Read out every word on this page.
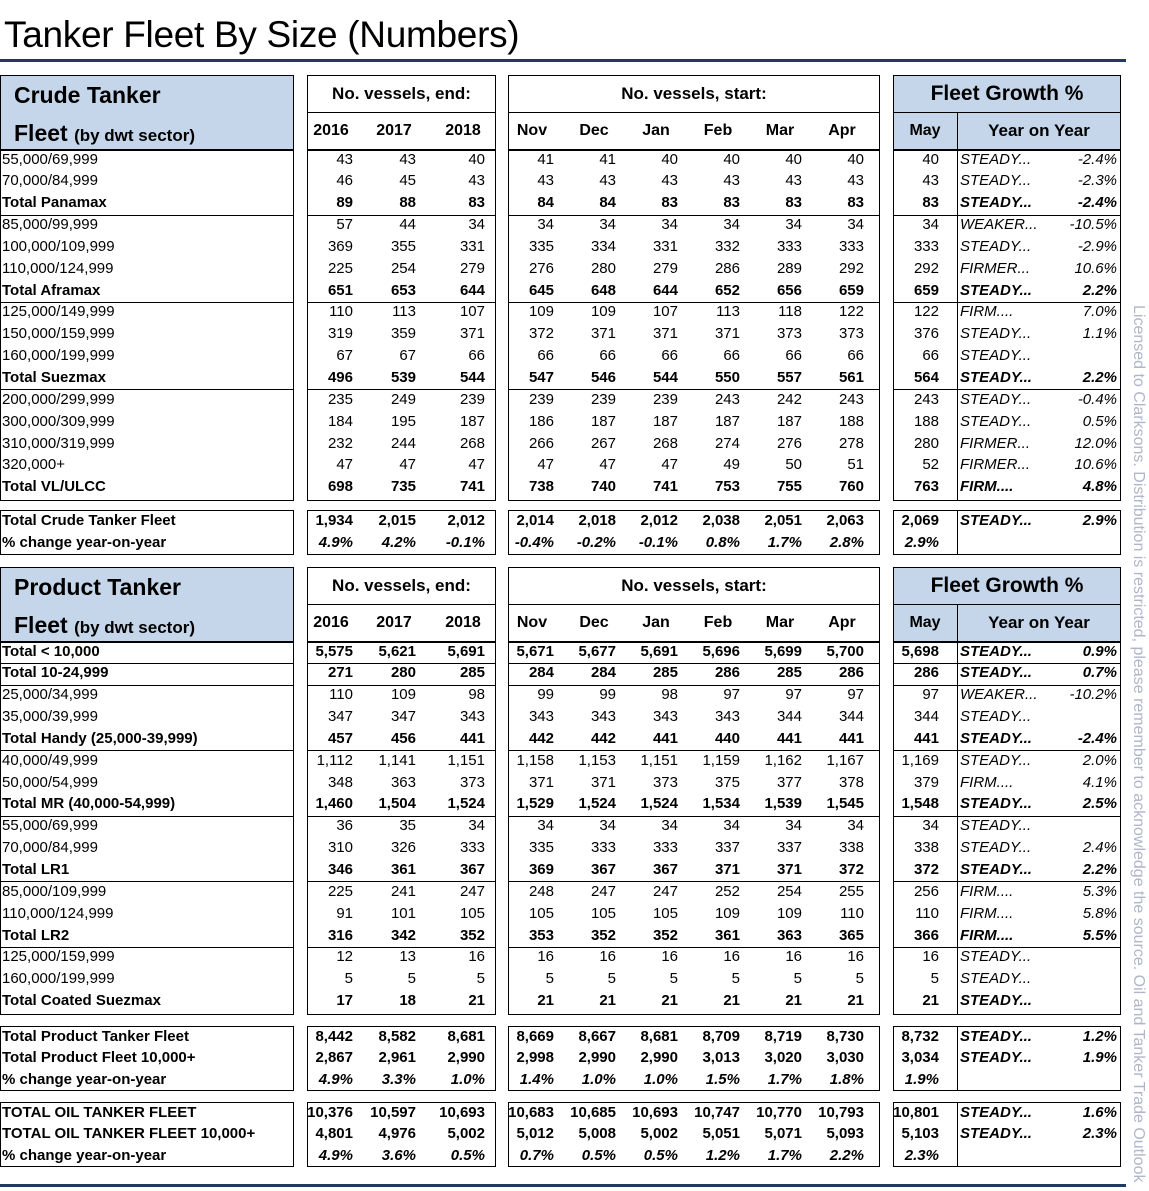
Tanker Fleet By Size (Numbers)
Licensed to Clarksons. Distribution is restricted, please remember to acknowledge the source. Oil and Tanker Trade Outlook
Crude Tanker
Fleet (by dwt sector)
No. vessels, end:	No. vessels, start:	Fleet Growth %
2016 2017 2018	Nov	Dec	Jan	Feb	Mar	Apr	May	Year on Year
55,000/69,999	43	43	40	41	41	40	40	40	40	40 STEADY...	-2.4%
70,000/84,999	46	45	43	43	43	43	43	43	43	43 STEADY...	-2.3%
Total Panamax	89	88	83	84	84	83	83	83	83	83 STEADY...	-2.4%
85,000/99,999	57	44	34	34	34	34	34	34	34	34 WEAKER...	-10.5%
100,000/109,999	369	355	331	335	334	331	332	333	333	333 STEADY...	-2.9%
110,000/124,999	225	254	279	276	280	279	286	289	292	292 FIRMER...	10.6%
Total Aframax	651	653	644	645	648	644	652	656	659	659 STEADY...	2.2%
125,000/149,999	110	113	107	109	109	107	113	118	122	122 FIRM....	7.0%
150,000/159,999	319	359	371	372	371	371	371	373	373	376 STEADY...	1.1%
160,000/199,999	67	67	66	66	66	66	66	66	66	66 STEADY...
Total Suezmax	496	539	544	547	546	544	550	557	561	564 STEADY...	2.2%
200,000/299,999	235	249	239	239	239	239	243	242	243	243 STEADY...	-0.4%
300,000/309,999	184	195	187	186	187	187	187	187	188	188 STEADY...	0.5%
310,000/319,999	232	244	268	266	267	268	274	276	278	280 FIRMER...	12.0%
320,000+	47	47	47	47	47	47	49	50	51	52 FIRMER...	10.6%
Total VL/ULCC	698	735	741	738	740	741	753	755	760	763 FIRM....	4.8%
Total Crude Tanker Fleet	1,934	2,015	2,012	2,014	2,018	2,012	2,038	2,051	2,063	2,069 STEADY...	2.9%
% change year-on-year	4.9%	4.2%	-0.1%	-0.4%	-0.2%	-0.1%	0.8%	1.7%	2.8%	2.9%
Product Tanker
Fleet (by dwt sector)
No. vessels, end:	No. vessels, start:	Fleet Growth %
2016 2017 2018	Nov	Dec	Jan	Feb	Mar	Apr	May	Year on Year
Total < 10,000	5,575	5,621	5,691	5,671	5,677	5,691	5,696	5,699	5,700	5,698 STEADY...	0.9%
Total 10-24,999	271	280	285	284	284	285	286	285	286	286 STEADY...	0.7%
25,000/34,999	110	109	98	99	99	98	97	97	97	97 WEAKER...	-10.2%
35,000/39,999	347	347	343	343	343	343	343	344	344	344 STEADY...
Total Handy (25,000-39,999)	457	456	441	442	442	441	440	441	441	441 STEADY...	-2.4%
40,000/49,999	1,112	1,141	1,151	1,158	1,153	1,151	1,159	1,162	1,167	1,169 STEADY...	2.0%
50,000/54,999	348	363	373	371	371	373	375	377	378	379 FIRM....	4.1%
Total MR (40,000-54,999)	1,460	1,504	1,524	1,529	1,524	1,524	1,534	1,539	1,545	1,548 STEADY...	2.5%
55,000/69,999	36	35	34	34	34	34	34	34	34	34 STEADY...
70,000/84,999	310	326	333	335	333	333	337	337	338	338 STEADY...	2.4%
Total LR1	346	361	367	369	367	367	371	371	372	372 STEADY...	2.2%
85,000/109,999	225	241	247	248	247	247	252	254	255	256 FIRM....	5.3%
110,000/124,999	91	101	105	105	105	105	109	109	110	110 FIRM....	5.8%
Total LR2	316	342	352	353	352	352	361	363	365	366 FIRM....	5.5%
125,000/159,999	12	13	16	16	16	16	16	16	16	16 STEADY...
160,000/199,999	5	5	5	5	5	5	5	5	5	5 STEADY...
Total Coated Suezmax	17	18	21	21	21	21	21	21	21	21 STEADY...
Total Product Tanker Fleet	8,442	8,582	8,681	8,669	8,667	8,681	8,709	8,719	8,730	8,732 STEADY...	1.2%
Total Product Fleet 10,000+	2,867	2,961	2,990	2,998	2,990	2,990	3,013	3,020	3,030	3,034 STEADY...	1.9%
% change year-on-year	4.9%	3.3%	1.0%	1.4%	1.0%	1.0%	1.5%	1.7%	1.8%	1.9%
TOTAL OIL TANKER FLEET	10,376	10,597	10,693	10,683	10,685	10,693	10,747	10,770	10,793	10,801 STEADY...	1.6%
TOTAL OIL TANKER FLEET 10,000+	4,801	4,976	5,002	5,012	5,008	5,002	5,051	5,071	5,093	5,103 STEADY...	2.3%
% change year-on-year	4.9%	3.6%	0.5%	0.7%	0.5%	0.5%	1.2%	1.7%	2.2%	2.3%
